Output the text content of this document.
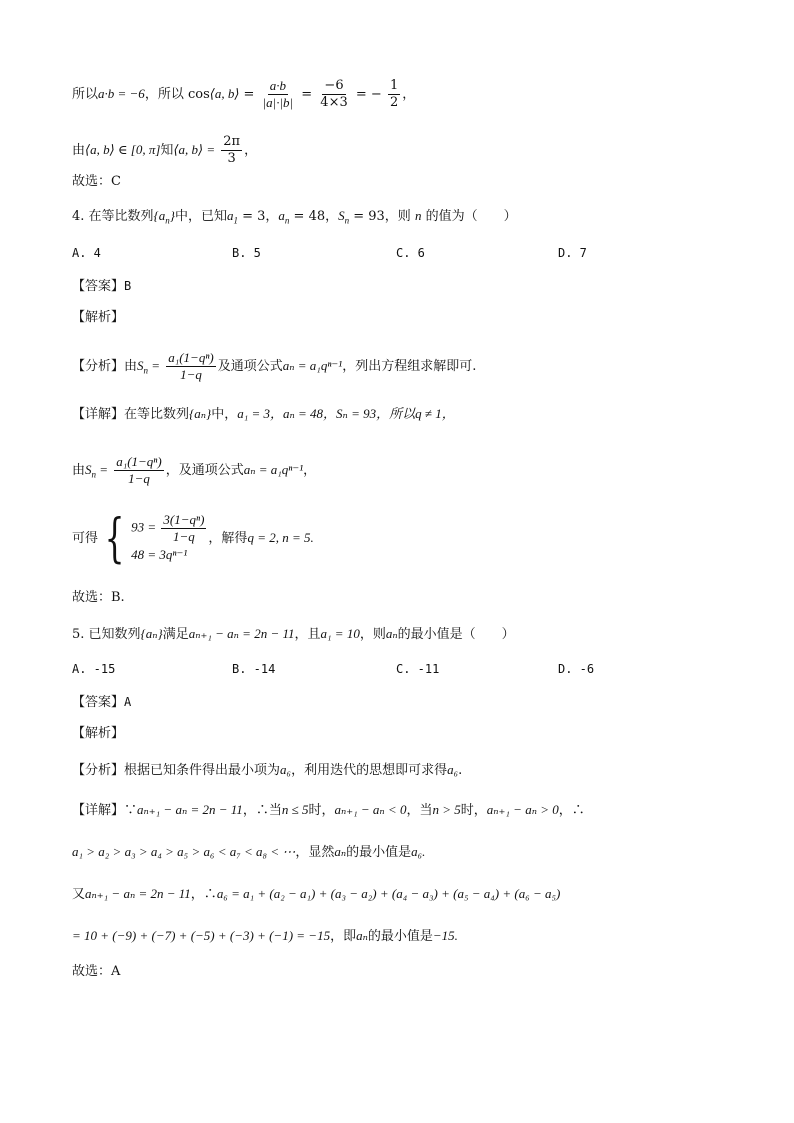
所以a·b = −6，所以 cos⟨a, b⟩ = $\frac{a\cdot b}{|a|\cdot|b|} = \frac{-6}{4\times 3}$ = − $\frac{1}{2}$ ，
由⟨a, b⟩ ∈ [0, π]知⟨a, b⟩ = $\frac{2\pi}{3}$ ，
故选：C
4. 在等比数列$\{a_n\}$中，已知$a_1 = 3$，$a_n = 48$，$S_n = 93$，则 n 的值为（　　）
A. 4	B. 5	C. 6	D. 7
【答案】B
【解析】
【分析】由$S_n = \frac{\text{a₁(1−qⁿ)}}{1-q}$ 及通项公式aₙ = a₁qⁿ⁻¹，列出方程组求解即可.
【详解】在等比数列{aₙ}中，a₁ = 3，aₙ = 48，Sₙ = 93，所以q ≠ 1，
由$S_n = \frac{\text{a₁(1−qⁿ)}}{1-q}$ ，及通项公式aₙ = a₁qⁿ⁻¹，
可得 { $93 = \frac{\text{3(1−qⁿ)}}{1-q}$
48 = 3qⁿ⁻¹
，解得q = 2, n = 5.
故选：B.
5. 已知数列{aₙ}满足aₙ₊₁ − aₙ = 2n − 11，且a₁ = 10，则aₙ的最小值是（　　）
A. -15	B. -14	C. -11	D. -6
【答案】A
【解析】
【分析】根据已知条件得出最小项为a₆，利用迭代的思想即可求得a₆.
【详解】∵aₙ₊₁ − aₙ = 2n − 11，∴当n ≤ 5时，aₙ₊₁ − aₙ < 0，当n > 5时，aₙ₊₁ − aₙ > 0，∴
a₁ > a₂ > a₃ > a₄ > a₅ > a₆ < a₇ < a₈ < ⋯，显然aₙ的最小值是a₆.
又aₙ₊₁ − aₙ = 2n − 11，∴a₆ = a₁ + (a₂ − a₁) + (a₃ − a₂) + (a₄ − a₃) + (a₅ − a₄) + (a₆ − a₅)
= 10 + (−9) + (−7) + (−5) + (−3) + (−1) = −15，即aₙ的最小值是−15.
故选：A
